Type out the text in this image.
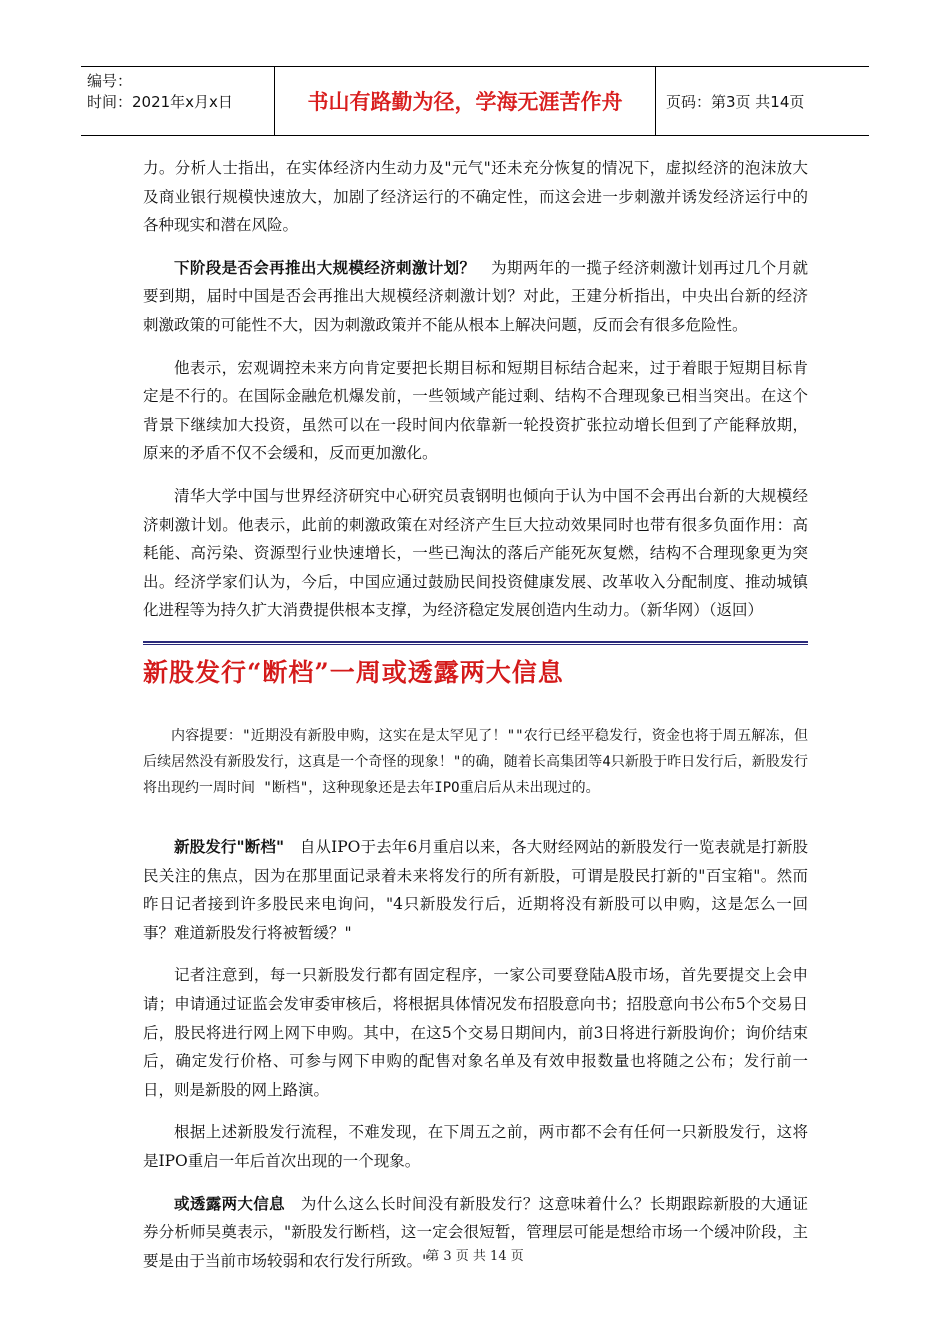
编号：
时间：2021年x月x日	书山有路勤为径，学海无涯苦作舟	页码：第3页 共14页

力。分析人士指出，在实体经济内生动力及"元气"还未充分恢复的情况下，虚拟经济的泡沫放大及商业银行规模快速放大，加剧了经济运行的不确定性，而这会进一步刺激并诱发经济运行中的各种现实和潜在风险。

下阶段是否会再推出大规模经济刺激计划？　为期两年的一揽子经济刺激计划再过几个月就要到期，届时中国是否会再推出大规模经济刺激计划？对此，王建分析指出，中央出台新的经济刺激政策的可能性不大，因为刺激政策并不能从根本上解决问题，反而会有很多危险性。

他表示，宏观调控未来方向肯定要把长期目标和短期目标结合起来，过于着眼于短期目标肯定是不行的。在国际金融危机爆发前，一些领域产能过剩、结构不合理现象已相当突出。在这个背景下继续加大投资，虽然可以在一段时间内依靠新一轮投资扩张拉动增长但到了产能释放期，原来的矛盾不仅不会缓和，反而更加激化。

清华大学中国与世界经济研究中心研究员袁钢明也倾向于认为中国不会再出台新的大规模经济刺激计划。他表示，此前的刺激政策在对经济产生巨大拉动效果同时也带有很多负面作用：高耗能、高污染、资源型行业快速增长，一些已淘汰的落后产能死灰复燃，结构不合理现象更为突出。经济学家们认为，今后，中国应通过鼓励民间投资健康发展、改革收入分配制度、推动城镇化进程等为持久扩大消费提供根本支撑，为经济稳定发展创造内生动力。（新华网）（返回）

新股发行“断档”一周或透露两大信息

内容提要："近期没有新股申购，这实在是太罕见了！""农行已经平稳发行，资金也将于周五解冻，但后续居然没有新股发行，这真是一个奇怪的现象！"的确，随着长高集团等4只新股于昨日发行后，新股发行将出现约一周时间 "断档"，这种现象还是去年IPO重启后从未出现过的。

新股发行"断档"　自从IPO于去年6月重启以来，各大财经网站的新股发行一览表就是打新股民关注的焦点，因为在那里面记录着未来将发行的所有新股，可谓是股民打新的"百宝箱"。然而昨日记者接到许多股民来电询问，"4只新股发行后，近期将没有新股可以申购，这是怎么一回事？难道新股发行将被暂缓？"

记者注意到，每一只新股发行都有固定程序，一家公司要登陆A股市场，首先要提交上会申请；申请通过证监会发审委审核后，将根据具体情况发布招股意向书；招股意向书公布5个交易日后，股民将进行网上网下申购。其中，在这5个交易日期间内，前3日将进行新股询价；询价结束后，确定发行价格、可参与网下申购的配售对象名单及有效申报数量也将随之公布；发行前一日，则是新股的网上路演。

根据上述新股发行流程，不难发现，在下周五之前，两市都不会有任何一只新股发行，这将是IPO重启一年后首次出现的一个现象。

或透露两大信息　为什么这么长时间没有新股发行？这意味着什么？长期跟踪新股的大通证券分析师吴奠表示，"新股发行断档，这一定会很短暂，管理层可能是想给市场一个缓冲阶段，主要是由于当前市场较弱和农行发行所致。"

第 3 页 共 14 页
